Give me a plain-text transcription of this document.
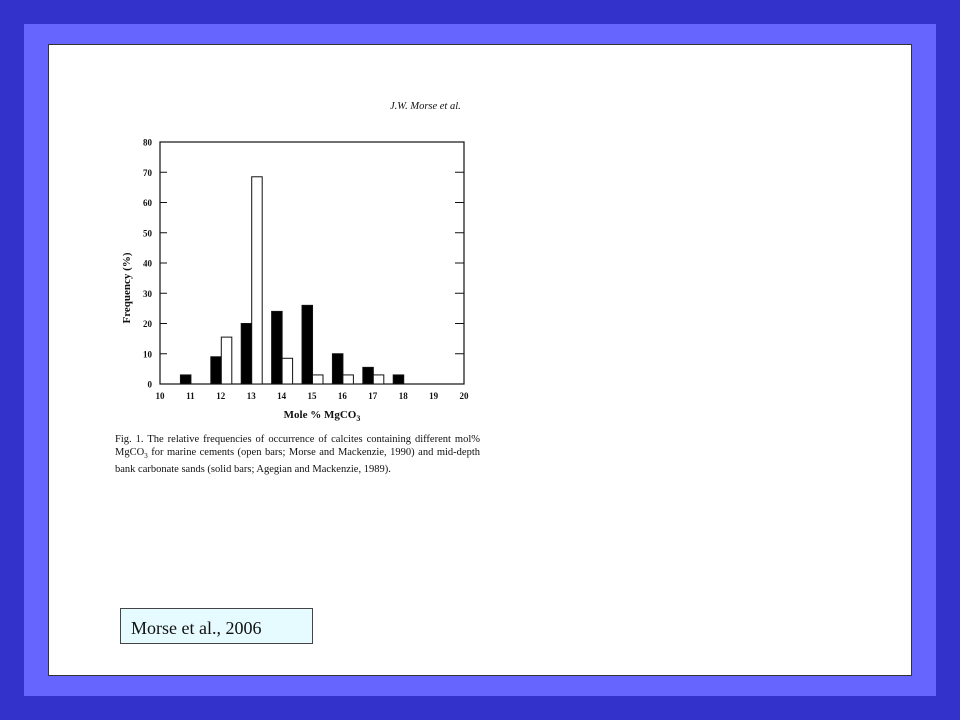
J.W. Morse et al.
0
10
20
30
40
50
60
70
80
10 11 12 13 14 15 16 17 18 19 20
Frequency (%)
Mole % MgCO$_3$
Fig. 1. The relative frequencies of occurrence of calcites containing different mol% MgCO$_3$ for marine cements (open bars; Morse and Mackenzie, 1990) and mid-depth bank carbonate sands (solid bars; Agegian and Mackenzie, 1989).
Morse et al., 2006
